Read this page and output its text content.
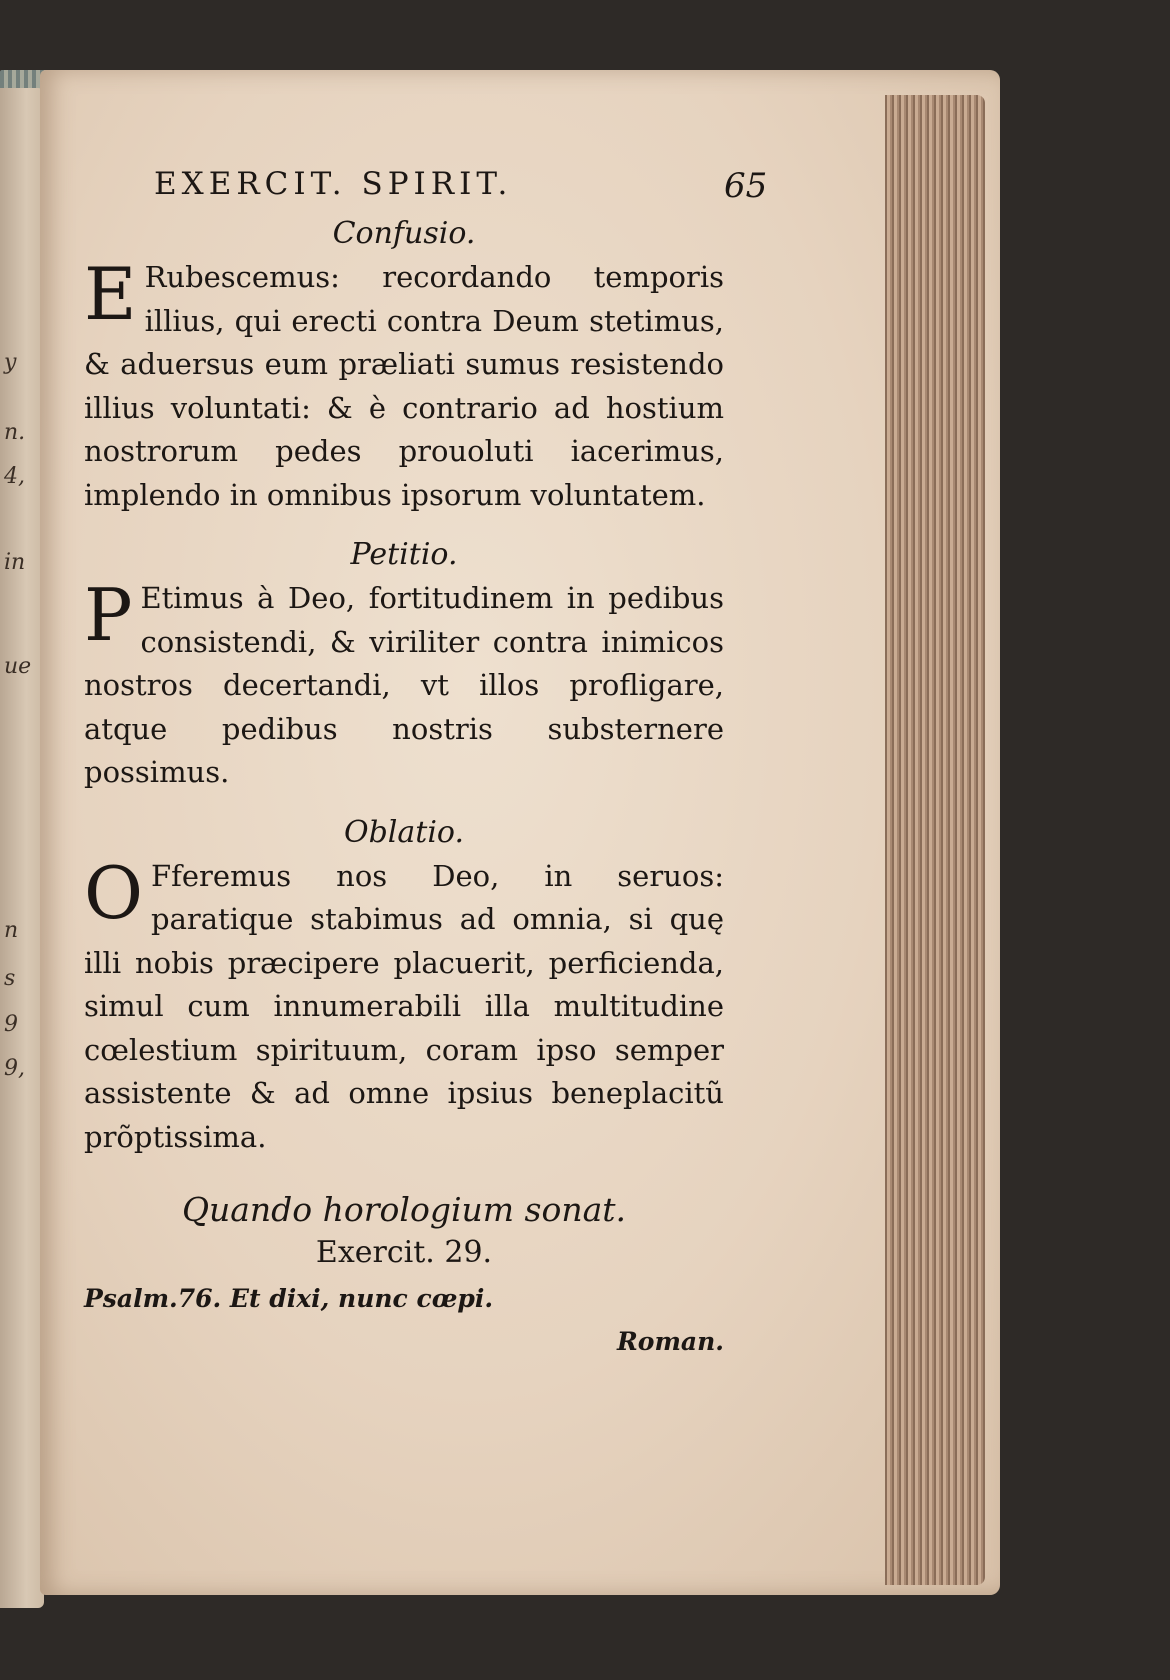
y
n.
4,
in
ue
n
s
9
9,
EXERCIT. SPIRIT.	65
Confusio.

E Rubescemus: recordando temporis illius, qui erecti contra Deum stetimus, & aduersus eum præliati sumus resistendo illius voluntati: & è contrario ad hostium nostrorum pedes prouoluti iacerimus, implendo in omnibus ipsorum voluntatem.

Petitio.

P Etimus à Deo, fortitudinem in pedibus consistendi, & viriliter contra inimicos nostros decertandi, vt illos profligare, atque pedibus nostris substernere possimus.

Oblatio.

O Fferemus nos Deo, in seruos: paratique stabimus ad omnia, si quę illi nobis præcipere placuerit, perficienda, simul cum innumerabili illa multitudine cœlestium spirituum, coram ipso semper assistente & ad omne ipsius beneplacitũ prõptissima.

Quando horologium sonat.
Exercit. 29.
Psalm.76. Et dixi, nunc cœpi.
Roman.
